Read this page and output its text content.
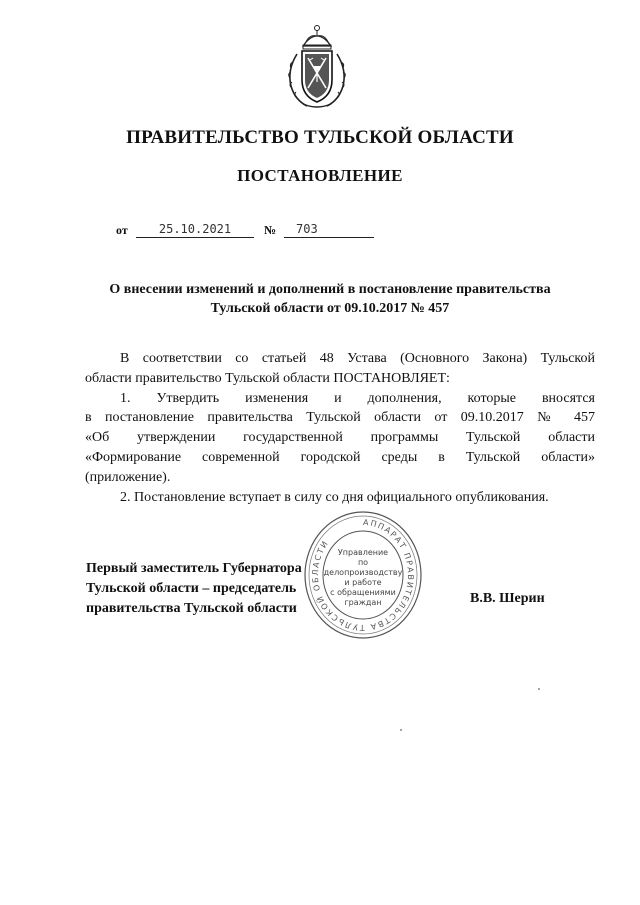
ПРАВИТЕЛЬСТВО ТУЛЬСКОЙ ОБЛАСТИ
ПОСТАНОВЛЕНИЕ
от	25.10.2021	№	703
О внесении изменений и дополнений в постановление правительства
Тульской области от 09.10.2017 № 457
В соответствии со статьей 48 Устава (Основного Закона) Тульской
области правительство Тульской области ПОСТАНОВЛЯЕТ:
1. Утвердить изменения и дополнения, которые вносятся
в постановление правительства Тульской области от 09.10.2017 № 457
«Об утверждении государственной программы Тульской области
«Формирование современной городской среды в Тульской области»
(приложение).
2. Постановление вступает в силу со дня официального опубликования.
АППАРАТ ПРАВИТЕЛЬСТВА ТУЛЬСКОЙ ОБЛАСТИ
Управление
по делопроизводству
и работе
с обращениями
граждан
Первый заместитель Губернатора
Тульской области – председатель
правительства Тульской области
В.В. Шерин
